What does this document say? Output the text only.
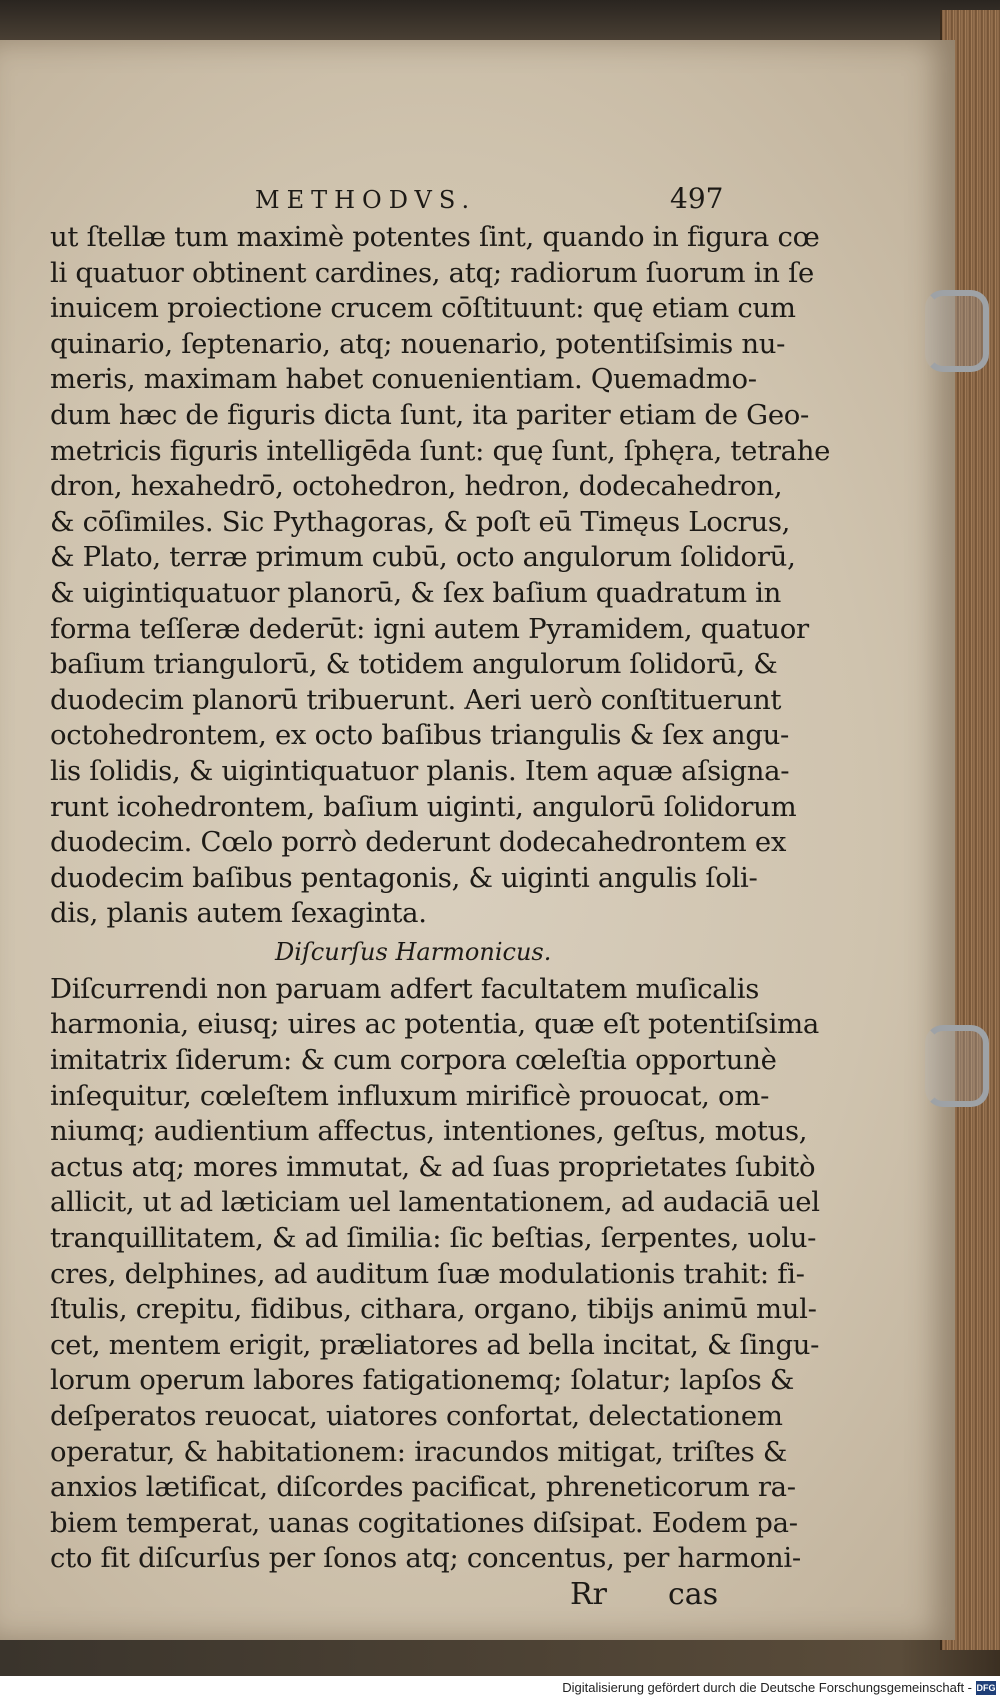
METHODVS.	497
ut ſtellæ tum maximè potentes ſint, quando in figura cœ
li quatuor obtinent cardines, atq; radiorum ſuorum in ſe
inuicem proiectione crucem cōſtituunt: quę etiam cum
quinario, ſeptenario, atq; nouenario, potentiſsimis nu-
meris, maximam habet conuenientiam. Quemadmo-
dum hæc de figuris dicta ſunt, ita pariter etiam de Geo-
metricis figuris intelligēda ſunt: quę ſunt, ſphęra, tetrahe
dron, hexahedrō, octohedron, hedron, dodecahedron,
& cōſimiles. Sic Pythagoras, & poſt eū Timęus Locrus,
& Plato, terræ primum cubū, octo angulorum ſolidorū,
& uigintiquatuor planorū, & ſex baſium quadratum in
forma teſſeræ dederūt: igni autem Pyramidem, quatuor
baſium triangulorū, & totidem angulorum ſolidorū, &
duodecim planorū tribuerunt. Aeri uerò conſtituerunt
octohedrontem, ex octo baſibus triangulis & ſex angu-
lis ſolidis, & uigintiquatuor planis. Item aquæ aſsigna-
runt icohedrontem, baſium uiginti, angulorū ſolidorum
duodecim. Cœlo porrò dederunt dodecahedrontem ex
duodecim baſibus pentagonis, & uiginti angulis ſoli-
dis, planis autem ſexaginta.
Diſcurſus Harmonicus.
Diſcurrendi non paruam adfert facultatem muſicalis
harmonia, eiusq; uires ac potentia, quæ eſt potentiſsima
imitatrix ſiderum: & cum corpora cœleſtia opportunè
inſequitur, cœleſtem influxum mirificè prouocat, om-
niumq; audientium affectus, intentiones, geſtus, motus,
actus atq; mores immutat, & ad ſuas proprietates ſubitò
allicit, ut ad læticiam uel lamentationem, ad audaciā uel
tranquillitatem, & ad ſimilia: ſic beſtias, ſerpentes, uolu-
cres, delphines, ad auditum ſuæ modulationis trahit: fi-
ſtulis, crepitu, fidibus, cithara, organo, tibijs animū mul-
cet, mentem erigit, præliatores ad bella incitat, & ſingu-
lorum operum labores fatigationemq; ſolatur; lapſos &
deſperatos reuocat, uiatores confortat, delectationem
operatur, & habitationem: iracundos mitigat, triſtes &
anxios lætificat, diſcordes pacificat, phreneticorum ra-
biem temperat, uanas cogitationes diſsipat. Eodem pa-
cto fit diſcurſus per ſonos atq; concentus, per harmoni-
Rr cas
Digitalisierung gefördert durch die Deutsche Forschungsgemeinschaft - DFG
